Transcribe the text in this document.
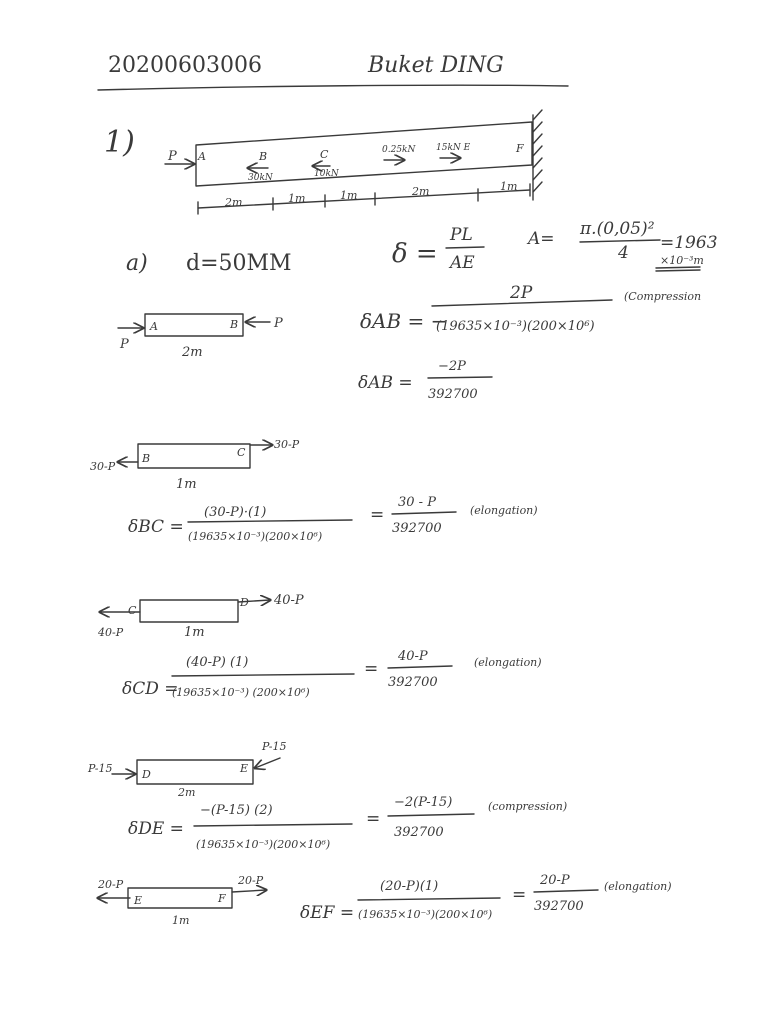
20200603006	Buket DING
1)	P A	B
30kN
C
10kN
0.25kN 15kN E	F
2m	1m	1m	2m	1m
a) d=50MM	δ =
PL
AE
A= π.(0,05)²
4 =1963
×10⁻³m
P
A	B	P
2m
δAB = −
2P
(19635×10⁻³)(200×10⁶)
(Compression
δAB =
−2P
392700
30-P
B	C
30-P
1m
δBC =
(30-P)·(1)
(19635×10⁻³)(200×10⁶)
=
30 - P
392700
(elongation)
C
40-P
D 40-P
1m
δCD =
(40-P) (1)
(19635×10⁻³) (200×10⁶)
=
40-P
392700
(elongation)
P-15	D	E
P-15
2m
δDE =
−(P-15) (2)
(19635×10⁻³)(200×10⁶)
=
−2(P-15)
392700
(compression)
20-P
E	F
20-P
1m	δEF =
(20-P)(1)
(19635×10⁻³)(200×10⁶)
=
20-P
392700
(elongation)
